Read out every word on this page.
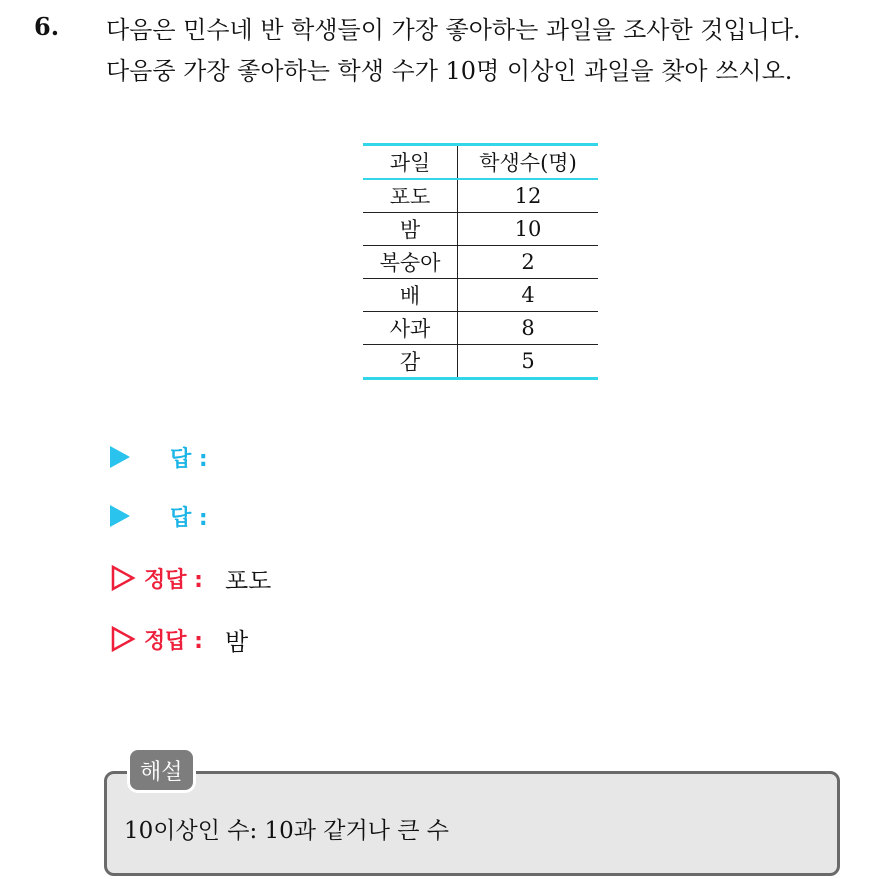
6. 다음은 민수네 반 학생들이 가장 좋아하는 과일을 조사한 것입니다.
다음중 가장 좋아하는 학생 수가 10명 이상인 과일을 찾아 쓰시오.
과일	학생수(명)
포도	12
밤	10
복숭아	2
배	4
사과	8
감	5
답 :
답 :
정답 : 포도
정답 : 밤
해설
10이상인 수: 10과 같거나 큰 수
